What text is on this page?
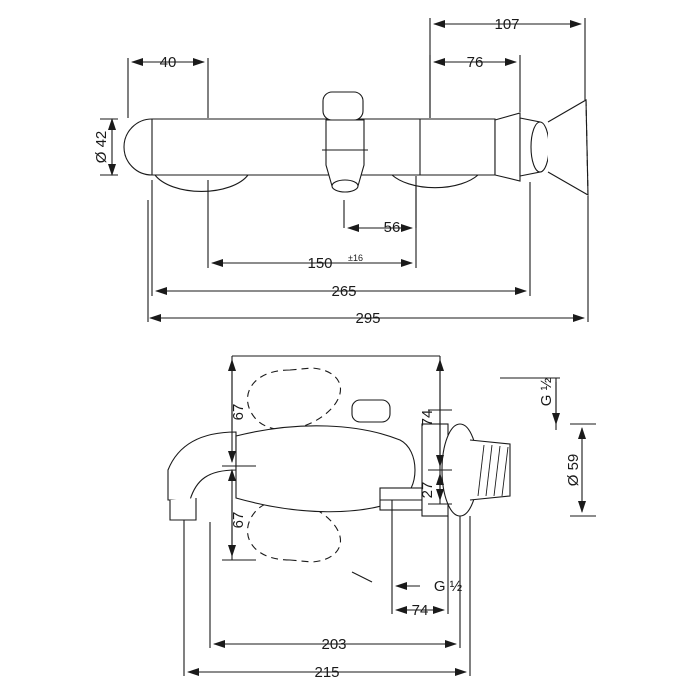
107
76
40
Ø 42
56
150 ±16
265
295
67
67
74
27
G ½
Ø 59
G ½
74
203
215
